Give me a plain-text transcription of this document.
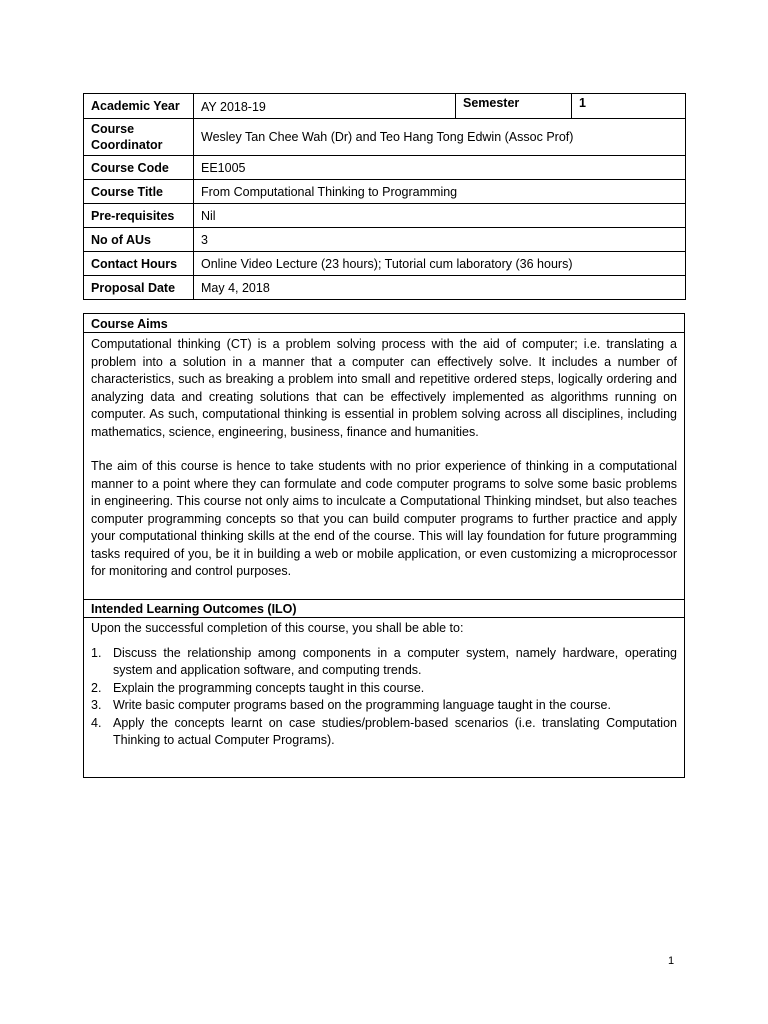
Academic Year	AY 2018-19	Semester	1
Course
Coordinator	Wesley Tan Chee Wah (Dr) and Teo Hang Tong Edwin (Assoc Prof)		
Course Code	EE1005		
Course Title	From Computational Thinking to Programming		
Pre-requisites	Nil		
No of AUs	3		
Contact Hours	Online Video Lecture (23 hours); Tutorial cum laboratory (36 hours)		
Proposal Date	May 4, 2018		
Course Aims

Computational thinking (CT) is a problem solving process with the aid of computer; i.e. translating a problem into a solution in a manner that a computer can effectively solve. It includes a number of characteristics, such as breaking a problem into small and repetitive ordered steps, logically ordering and analyzing data and creating solutions that can be effectively implemented as algorithms running on computer. As such, computational thinking is essential in problem solving across all disciplines, including mathematics, science, engineering, business, finance and humanities.

The aim of this course is hence to take students with no prior experience of thinking in a computational manner to a point where they can formulate and code computer programs to solve some basic problems in engineering. This course not only aims to inculcate a Computational Thinking mindset, but also teaches computer programming concepts so that you can build computer programs to further practice and apply your computational thinking skills at the end of the course. This will lay foundation for future programming tasks required of you, be it in building a web or mobile application, or even customizing a microprocessor for monitoring and control purposes.

Intended Learning Outcomes (ILO)
Upon the successful completion of this course, you shall be able to:
1. Discuss the relationship among components in a computer system, namely hardware, operating system and application software, and computing trends.
2. Explain the programming concepts taught in this course.
3. Write basic computer programs based on the programming language taught in the course.
4. Apply the concepts learnt on case studies/problem-based scenarios (i.e. translating Computation Thinking to actual Computer Programs).
1
